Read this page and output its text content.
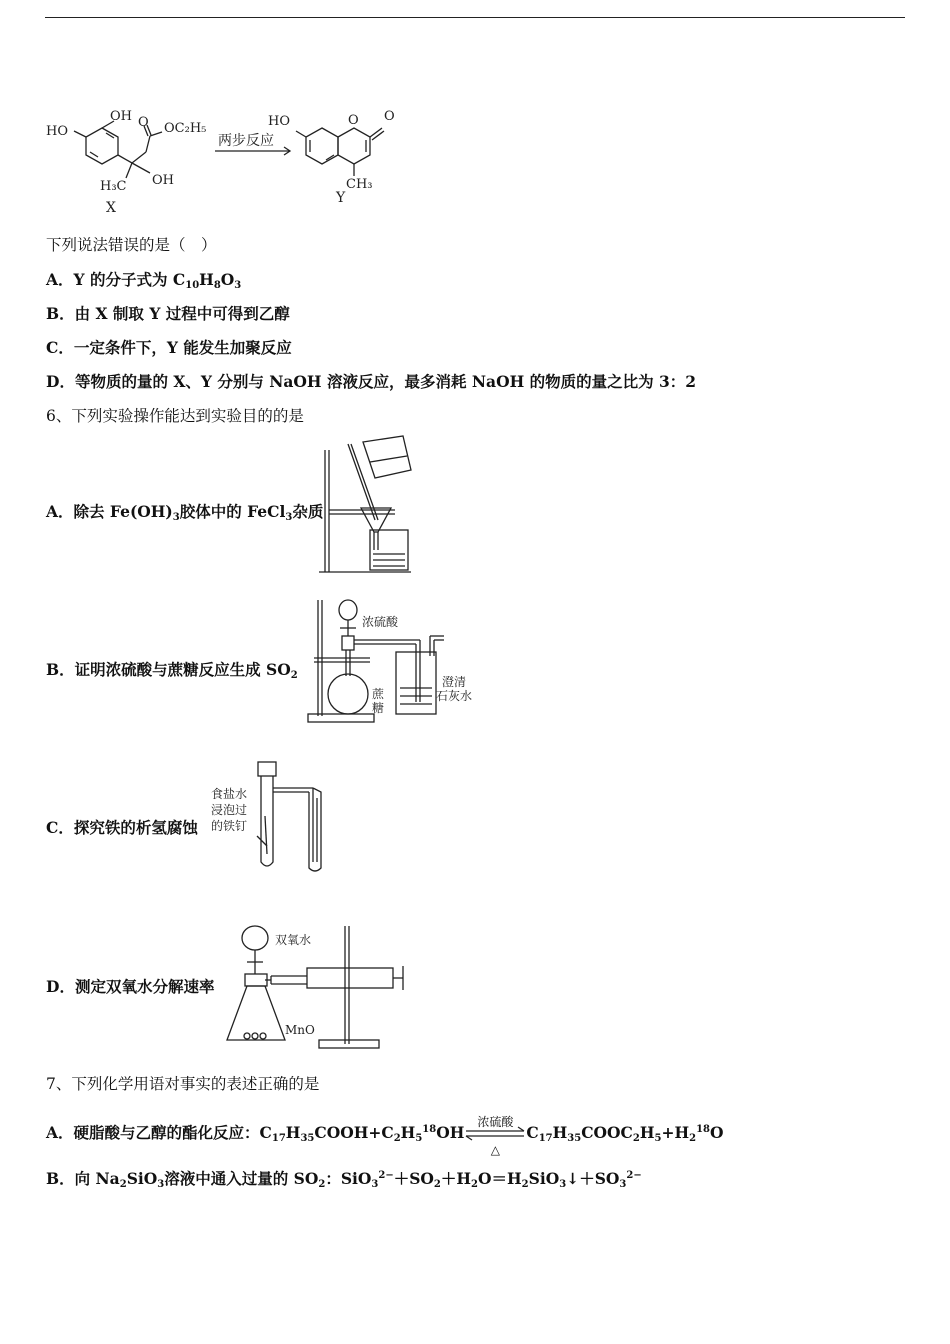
HO
OH O OC₂H₅
H₃C OH
X
两步反应
HO	O O
CH₃
Y
下列说法错误的是（　）
A．Y 的分子式为 $C_{10}H_8O_3$
B．由 X 制取 Y 过程中可得到乙醇
C．一定条件下，Y 能发生加聚反应
D．等物质的量的 X、Y 分别与 NaOH 溶液反应，最多消耗 NaOH 的物质的量之比为 3：2
6、下列实验操作能达到实验目的的是
A．除去 $Fe(OH)_3$胶体中的 FeCl$_3$杂质
B．证明浓硫酸与蔗糖反应生成 $SO_2$
浓硫酸
蔗
糖
澄清
石灰水
C．探究铁的析氢腐蚀
食盐水
浸泡过
的铁钉
D．测定双氧水分解速率
双氧水
MnO
7、下列化学用语对事实的表述正确的是
A．硬脂酸与乙醇的酯化反应：$C_{17}H_{35}COOH+C_2H_5^{18}OH$
浓硫酸
△
$C_{17}H_{35}COOC_2H_5+H_2^{18}O$
B．向 $Na_2SiO_3$溶液中通入过量的 $SO_2$：$SiO_3^{2-}+SO_2+H_2O=H_2SiO_3↓+SO_3^{2-}$
